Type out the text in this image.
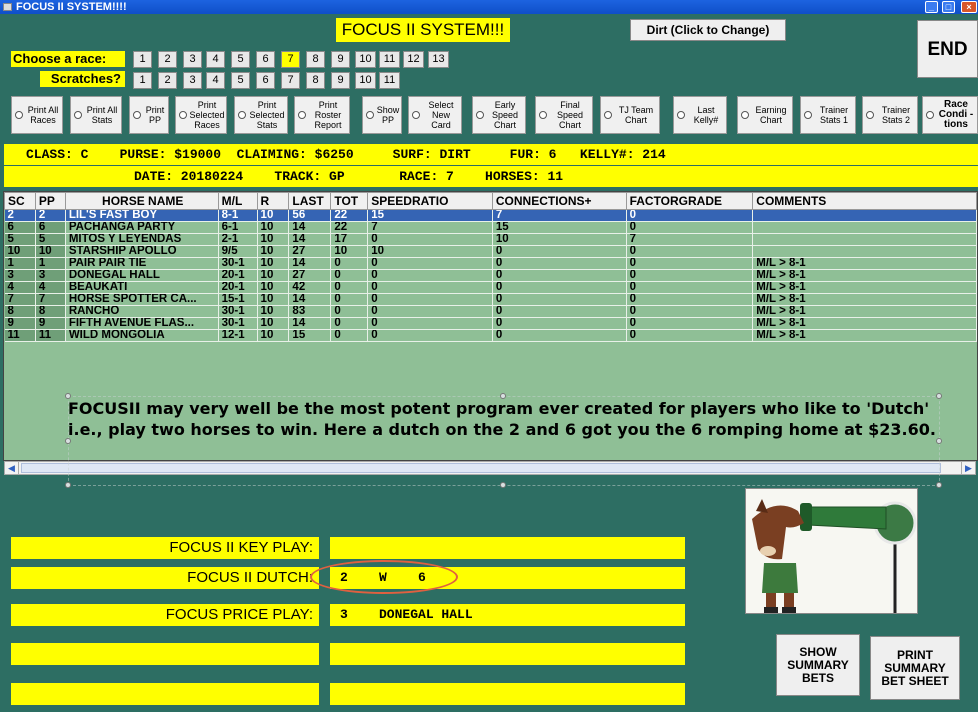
FOCUS II SYSTEM!!!!	_	□	×
FOCUS II SYSTEM!!!	Dirt (Click to Change)
END
Choose a race:	1	2	3	4	5	6	7	8	9	10	11	12	13
Scratches?	1	2	3	4	5	6	7	8	9	10	11
Print All Races
Print All Stats
Print PP
Print Selected Races
Print Selected Stats
Print Roster Report
Show PP
Select New Card
Early Speed Chart
Final Speed Chart
TJ Team Chart
Last Kelly#
Earning Chart
Trainer Stats 1
Trainer Stats 2
Race Condi -tions
CLASS: C    PURSE: $19000  CLAIMING: $6250     SURF: DIRT     FUR: 6   KELLY#: 214
DATE: 20180224    TRACK: GP       RACE: 7    HORSES: 11
SC	PP	HORSE NAME	M/L	R	LAST	TOT	SPEEDRATIO	CONNECTIONS+	FACTORGRADE	COMMENTS
2	2	LIL'S FAST BOY	8-1	10	56	22	15	7	0	
6	6	PACHANGA PARTY	6-1	10	14	22	7	15	0	
5	5	MITOS Y LEYENDAS	2-1	10	14	17	0	10	7	
10	10	STARSHIP APOLLO	9/5	10	27	10	10	0	0	
1	1	PAIR PAIR TIE	30-1	10	14	0	0	0	0	M/L > 8-1
3	3	DONEGAL HALL	20-1	10	27	0	0	0	0	M/L > 8-1
4	4	BEAUKATI	20-1	10	42	0	0	0	0	M/L > 8-1
7	7	HORSE SPOTTER CA...	15-1	10	14	0	0	0	0	M/L > 8-1
8	8	RANCHO	30-1	10	83	0	0	0	0	M/L > 8-1
9	9	FIFTH AVENUE FLAS...	30-1	10	14	0	0	0	0	M/L > 8-1
11	11	WILD MONGOLIA	12-1	10	15	0	0	0	0	M/L > 8-1
◀	▶
FOCUSII may very well be the most potent program ever created for players who like to 'Dutch' i.e., play two horses to win. Here a dutch on the 2 and 6 got you the 6 romping home at $23.60.
FOCUS II KEY PLAY:
FOCUS II DUTCH:	2    W    6
FOCUS PRICE PLAY:	3    DONEGAL HALL
SHOW SUMMARY BETS
PRINT SUMMARY BET SHEET
